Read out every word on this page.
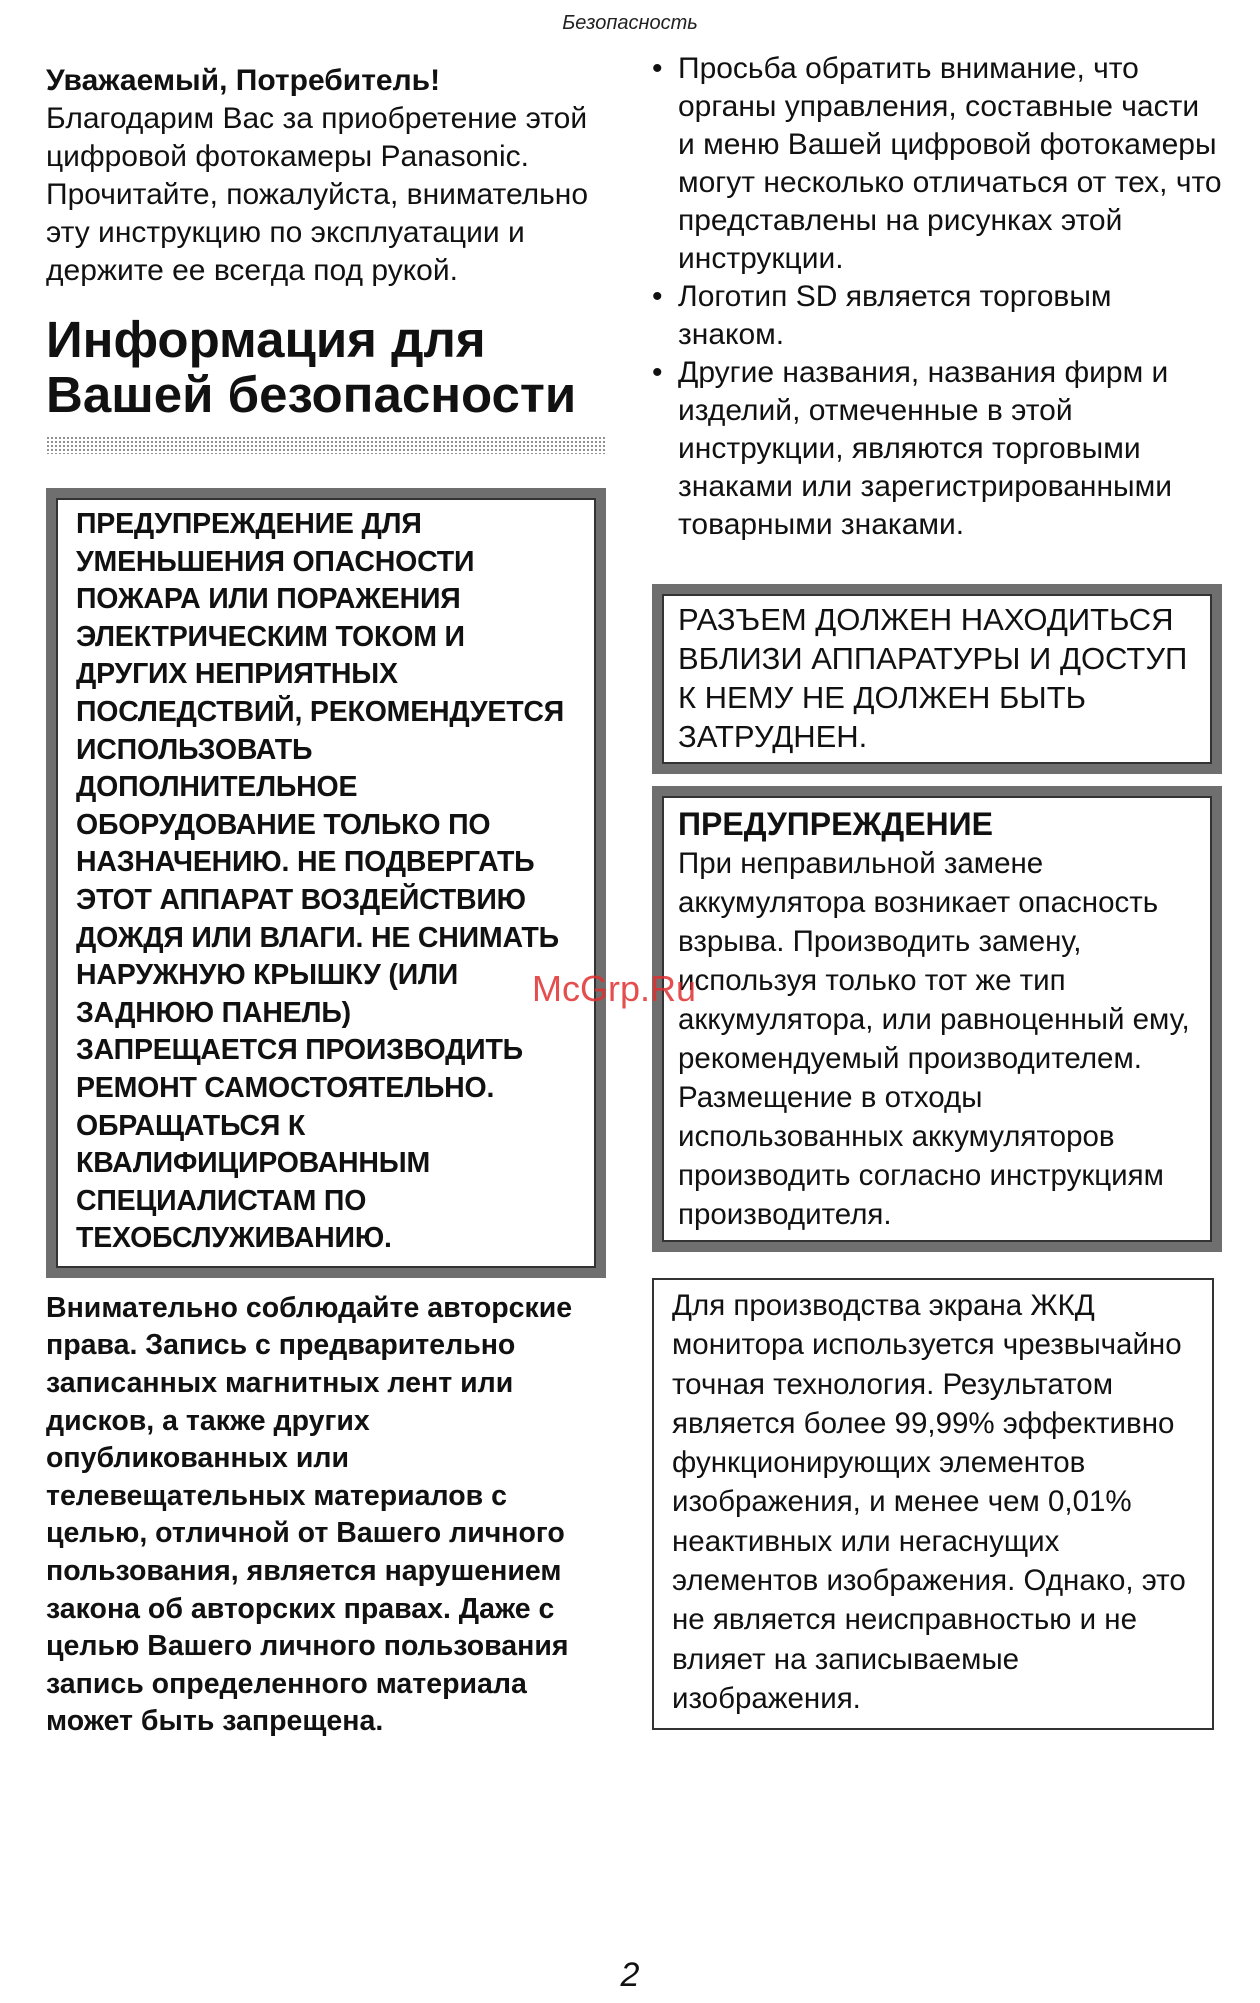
Безопасность
Уважаемый, Потребитель!

Благодарим Вас за приобретение этой цифровой фотокамеры Panasonic. Прочитайте, пожалуйста, внимательно эту инструкцию по эксплуатации и держите ее всегда под рукой.

Информация для Вашей безопасности
ПРЕДУПРЕЖДЕНИЕ ДЛЯ УМЕНЬШЕНИЯ ОПАСНОСТИ ПОЖАРА ИЛИ ПОРАЖЕНИЯ ЭЛЕКТРИЧЕСКИМ ТОКОМ И ДРУГИХ НЕПРИЯТНЫХ ПОСЛЕДСТВИЙ, РЕКОМЕНДУЕТСЯ ИСПОЛЬЗОВАТЬ ДОПОЛНИТЕЛЬНОЕ ОБОРУДОВАНИЕ ТОЛЬКО ПО НАЗНАЧЕНИЮ. НЕ ПОДВЕРГАТЬ ЭТОТ АППАРАТ ВОЗДЕЙСТВИЮ ДОЖДЯ ИЛИ ВЛАГИ. НЕ СНИМАТЬ НАРУЖНУЮ КРЫШКУ (ИЛИ ЗАДНЮЮ ПАНЕЛЬ) ЗАПРЕЩАЕТСЯ ПРОИЗВОДИТЬ РЕМОНТ САМОСТОЯТЕЛЬНО. ОБРАЩАТЬСЯ К КВАЛИФИЦИРОВАННЫМ СПЕЦИАЛИСТАМ ПО ТЕХОБСЛУЖИВАНИЮ.
Внимательно соблюдайте авторские права. Запись с предварительно записанных магнитных лент или дисков, а также других опубликованных или телевещательных материалов с целью, отличной от Вашего личного пользования, является нарушением закона об авторских правах. Даже с целью Вашего личного пользования запись определенного материала может быть запрещена.
• Просьба обратить внимание, что органы управления, составные части и меню Вашей цифровой фотокамеры могут несколько отличаться от тех, что представлены на рисунках этой инструкции.
• Логотип SD является торговым знаком.
• Другие названия, названия фирм и изделий, отмеченные в этой инструкции, являются торговыми знаками или зарегистрированными товарными знаками.
РАЗЪЕМ ДОЛЖЕН НАХОДИТЬСЯ ВБЛИЗИ АППАРАТУРЫ И ДОСТУП К НЕМУ НЕ ДОЛЖЕН БЫТЬ ЗАТРУДНЕН.
ПРЕДУПРЕЖДЕНИЕ
При неправильной замене аккумулятора возникает опасность взрыва. Производить замену, используя только тот же тип аккумулятора, или равноценный ему, рекомендуемый производителем. Размещение в отходы использованных аккумуляторов производить согласно инструкциям производителя.
Для производства экрана ЖКД монитора используется чрезвычайно точная технология. Результатом является более 99,99% эффективно функционирующих элементов изображения, и менее чем 0,01% неактивных или негаснущих элементов изображения. Однако, это не является неисправностью и не влияет на записываемые изображения.
McGrp.Ru
2
